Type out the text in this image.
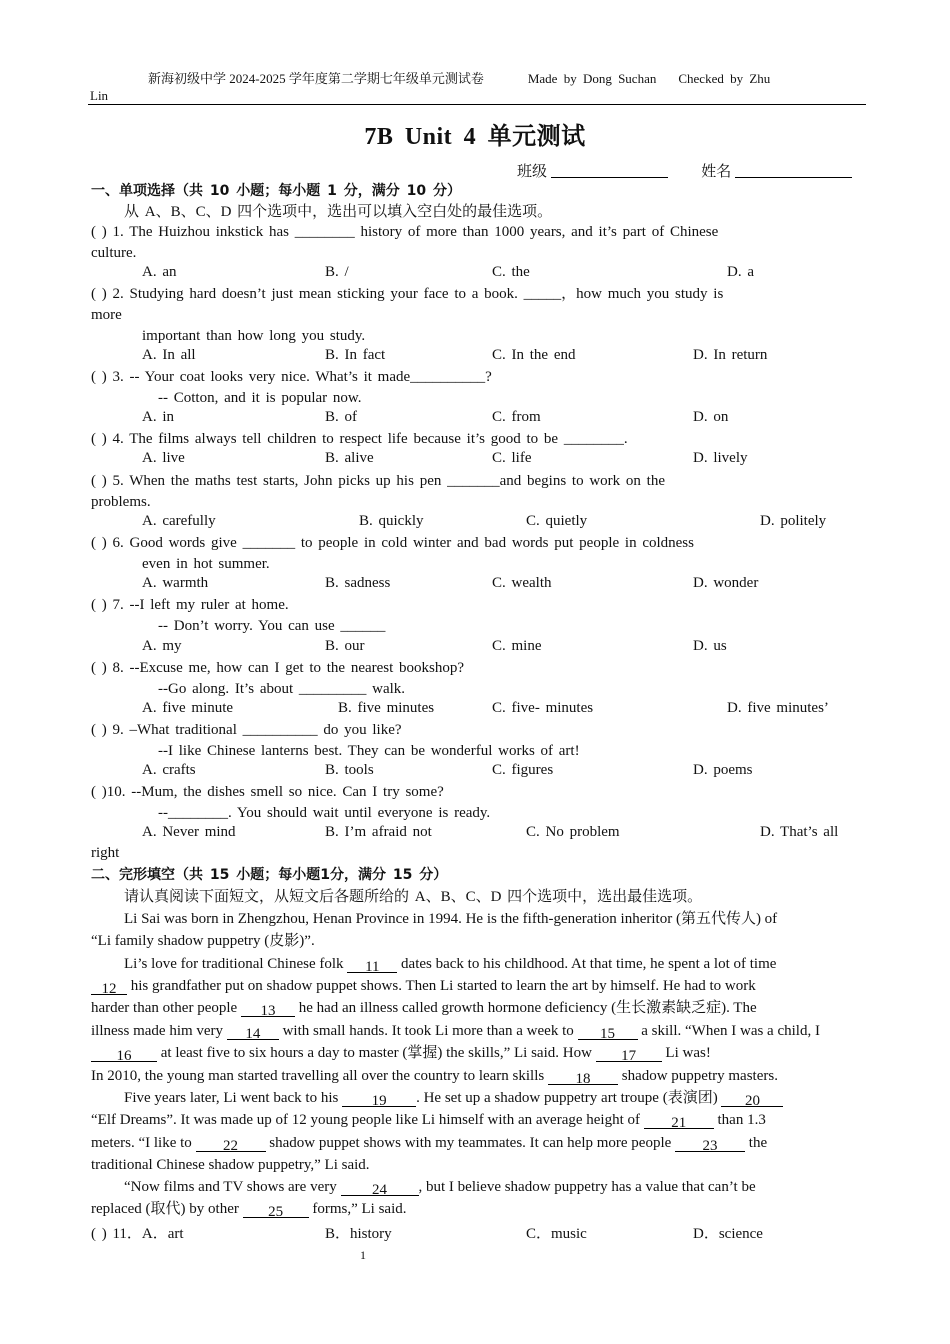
新海初级中学 2024-2025 学年度第二学期七年级单元测试卷	Made by Dong Suchan Checked by Zhu
Lin
7B Unit 4 单元测试
班级	姓名
一、单项选择（共 10 小题；每小题 1 分，满分 10 分）
从 A、B、C、D 四个选项中，选出可以填入空白处的最佳选项。
( ) 1. The Huizhou inkstick has ________ history of more than 1000 years, and it’s part of Chinese
culture.
A. an	B. /	C. the	D. a
( ) 2. Studying hard doesn’t just mean sticking your face to a book. _____，how much you study is
more
important than how long you study.
A. In all	B. In fact	C. In the end	D. In return
( ) 3. -- Your coat looks very nice. What’s it made__________?
-- Cotton, and it is popular now.
A. in	B. of	C. from	D. on
( ) 4. The films always tell children to respect life because it’s good to be ________.
A. live	B. alive	C. life	D. lively
( ) 5. When the maths test starts, John picks up his pen _______and begins to work on the
problems.
A. carefully	B. quickly	C. quietly	D. politely
( ) 6. Good words give _______ to people in cold winter and bad words put people in coldness
even in hot summer.
A. warmth	B. sadness	C. wealth	D. wonder
( ) 7. --I left my ruler at home.
-- Don’t worry. You can use ______
A. my	B. our	C. mine	D. us
( ) 8. --Excuse me, how can I get to the nearest bookshop?
--Go along. It’s about _________ walk.
A. five minute	B. five minutes	C. five- minutes	D. five minutes’
( ) 9. –What traditional __________ do you like?
--I like Chinese lanterns best. They can be wonderful works of art!
A. crafts	B. tools	C. figures	D. poems
( )10. --Mum, the dishes smell so nice. Can I try some?
--________. You should wait until everyone is ready.
A. Never mind	B. I’m afraid not	C. No problem	D. That’s all
right
二、完形填空（共 15 小题；每小题1分，满分 15 分）
请认真阅读下面短文，从短文后各题所给的 A、B、C、D 四个选项中，选出最佳选项。
Li Sai was born in Zhengzhou, Henan Province in 1994. He is the fifth-generation inheritor (第五代传人) of
“Li family shadow puppetry (皮影)”.
Li’s love for traditional Chinese folk 11 dates back to his childhood. At that time, he spent a lot of time
12 his grandfather put on shadow puppet shows. Then Li started to learn the art by himself. He had to work
harder than other people 13 he had an illness called growth hormone deficiency (生长激素缺乏症). The
illness made him very 14 with small hands. It took Li more than a week to 15 a skill. “When I was a child, I
16 at least five to six hours a day to master (掌握) the skills,” Li said. How 17 Li was!
In 2010, the young man started travelling all over the country to learn skills 18 shadow puppetry masters.
Five years later, Li went back to his 19 . He set up a shadow puppetry art troupe (表演团) 20
“Elf Dreams”. It was made up of 12 young people like Li himself with an average height of 21 than 1.3
meters. “I like to 22 shadow puppet shows with my teammates. It can help more people 23 the
traditional Chinese shadow puppetry,” Li said.
“Now films and TV shows are very 24 , but I believe shadow puppetry has a value that can’t be
replaced (取代) by other 25 forms,” Li said.
( ) 11．A．art	B．history	C．music	D．science
1
